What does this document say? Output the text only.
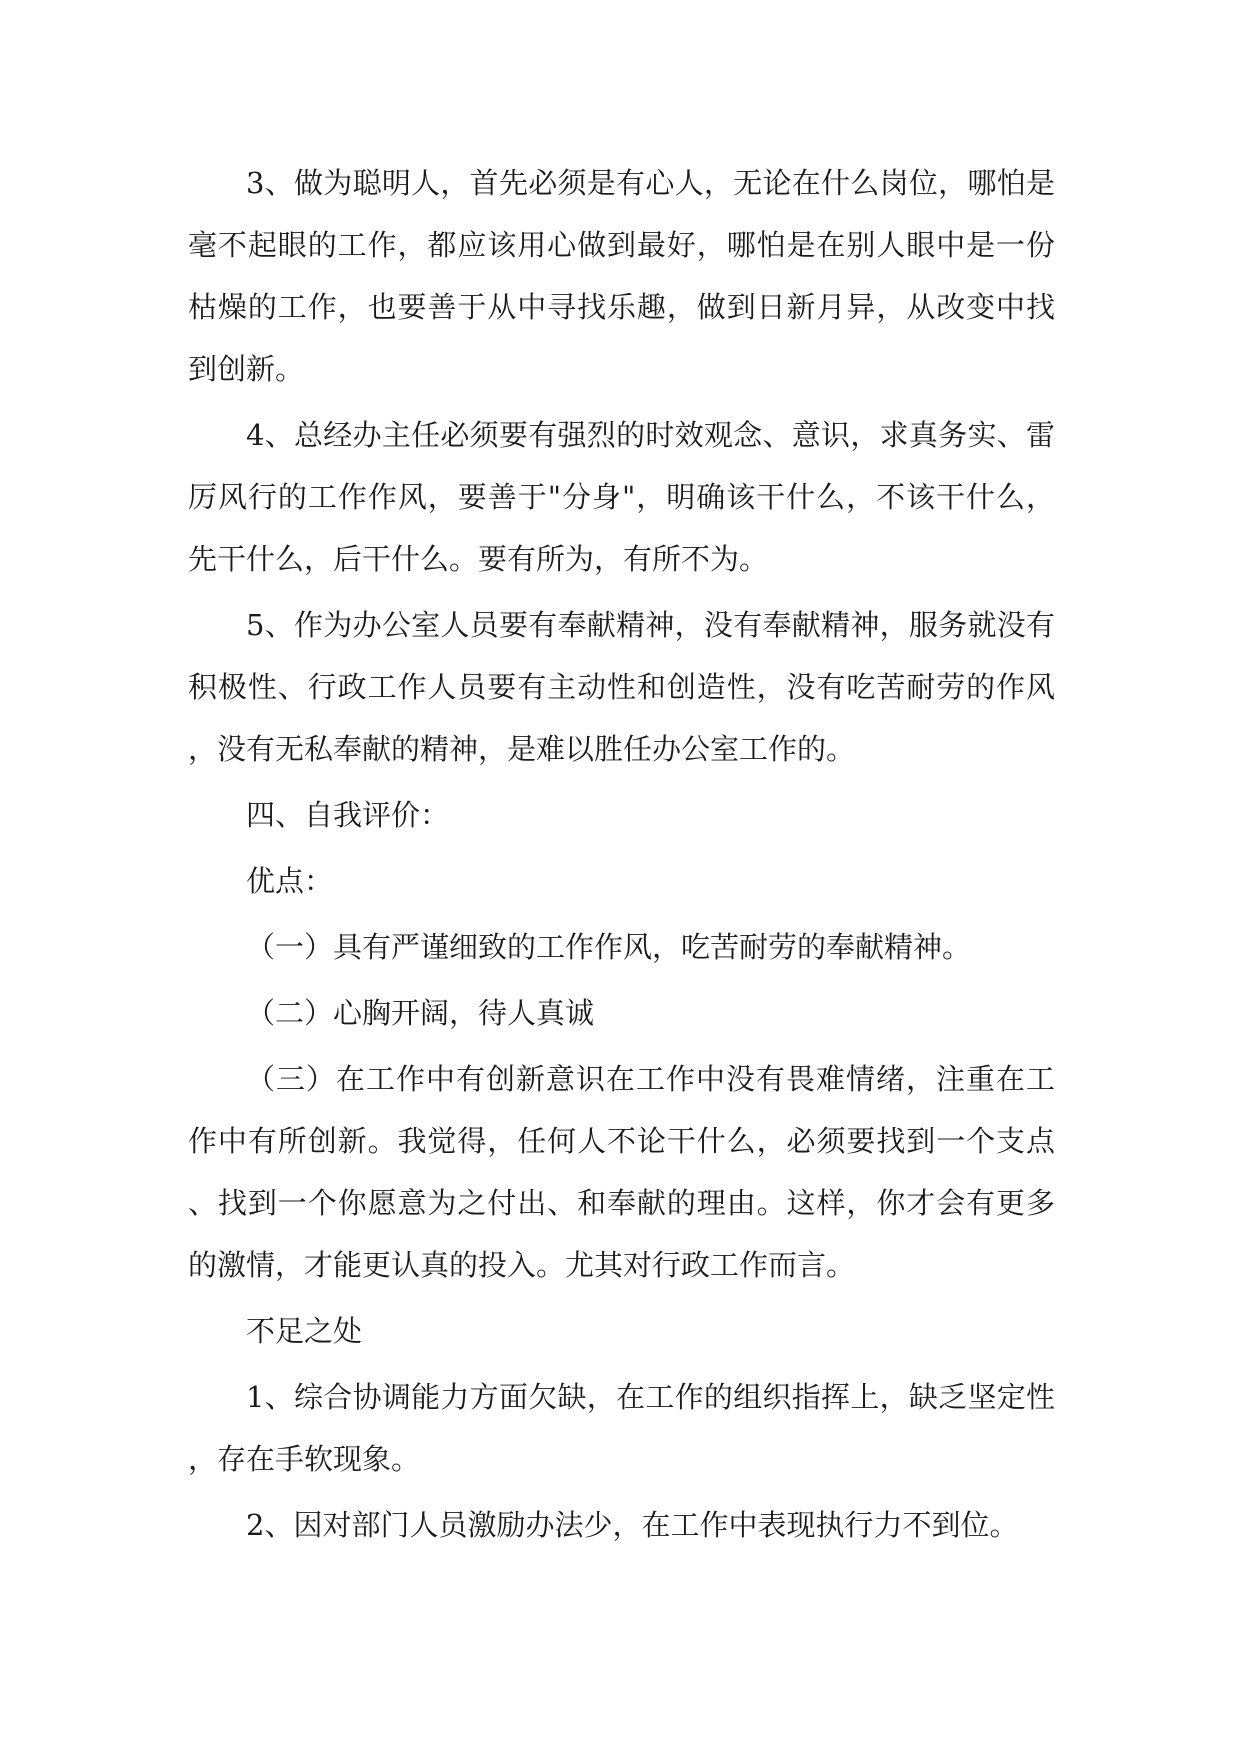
3、做为聪明人，首先必须是有心人，无论在什么岗位，哪怕是毫不起眼的工作，都应该用心做到最好，哪怕是在别人眼中是一份枯燥的工作，也要善于从中寻找乐趣，做到日新月异，从改变中找到创新。

4、总经办主任必须要有强烈的时效观念、意识，求真务实、雷厉风行的工作作风，要善于"分身"，明确该干什么，不该干什么，先干什么，后干什么。要有所为，有所不为。

5、作为办公室人员要有奉献精神，没有奉献精神，服务就没有积极性、行政工作人员要有主动性和创造性，没有吃苦耐劳的作风，没有无私奉献的精神，是难以胜任办公室工作的。

四、自我评价：

优点：

（一）具有严谨细致的工作作风，吃苦耐劳的奉献精神。

（二）心胸开阔，待人真诚

（三）在工作中有创新意识在工作中没有畏难情绪，注重在工作中有所创新。我觉得，任何人不论干什么，必须要找到一个支点、找到一个你愿意为之付出、和奉献的理由。这样，你才会有更多的激情，才能更认真的投入。尤其对行政工作而言。

不足之处

1、综合协调能力方面欠缺，在工作的组织指挥上，缺乏坚定性，存在手软现象。

2、因对部门人员激励办法少，在工作中表现执行力不到位。
